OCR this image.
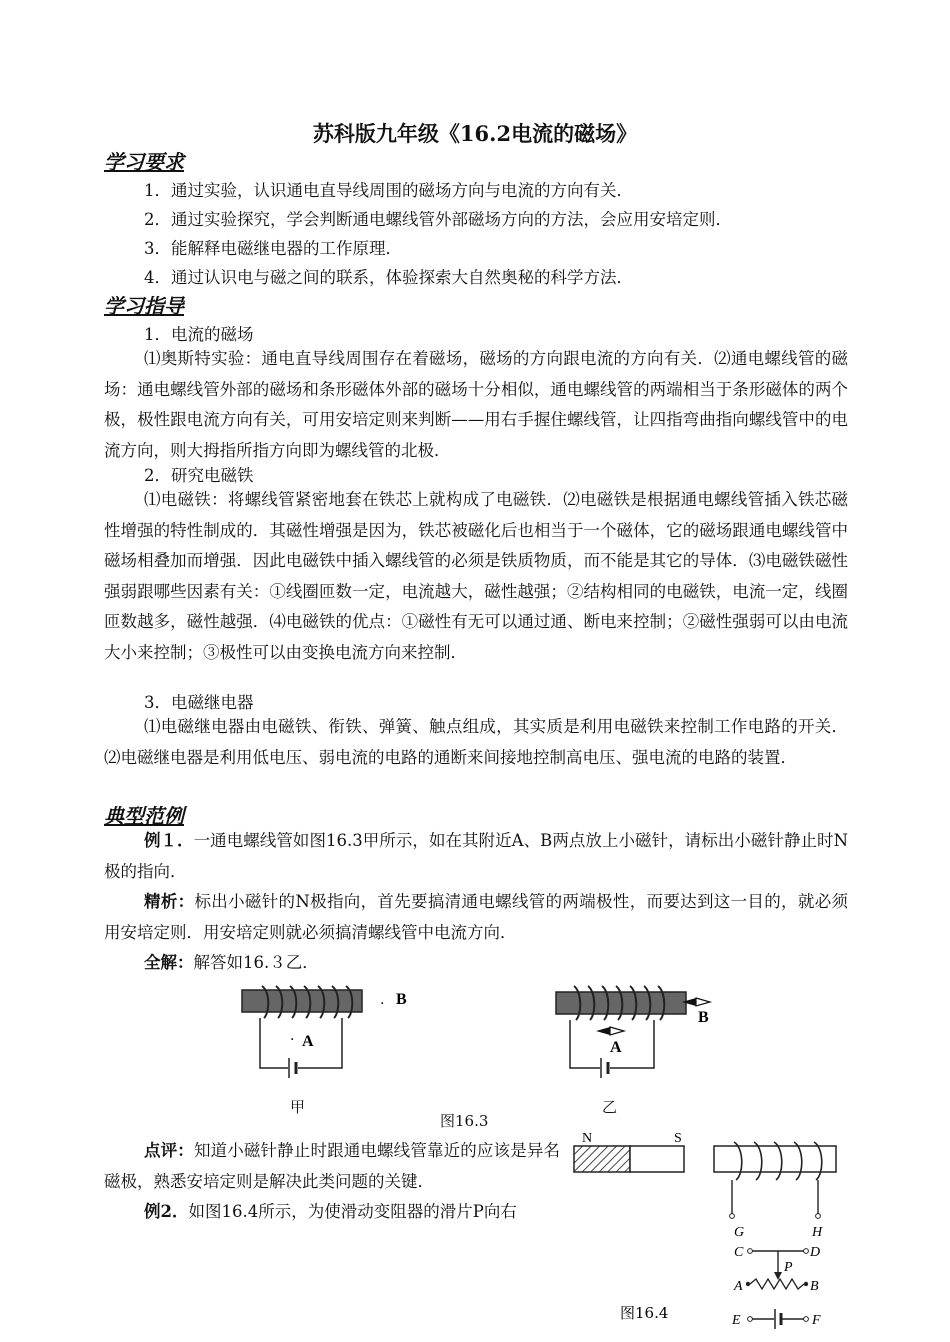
苏科版九年级《16.2电流的磁场》
学习要求
1．通过实验，认识通电直导线周围的磁场方向与电流的方向有关．
2．通过实验探究，学会判断通电螺线管外部磁场方向的方法，会应用安培定则．
3．能解释电磁继电器的工作原理．
4．通过认识电与磁之间的联系，体验探索大自然奥秘的科学方法．
学习指导
1．电流的磁场
⑴奥斯特实验：通电直导线周围存在着磁场，磁场的方向跟电流的方向有关．⑵通电螺线管的磁场：通电螺线管外部的磁场和条形磁体外部的磁场十分相似，通电螺线管的两端相当于条形磁体的两个极，极性跟电流方向有关，可用安培定则来判断——用右手握住螺线管，让四指弯曲指向螺线管中的电流方向，则大拇指所指方向即为螺线管的北极．
2．研究电磁铁
⑴电磁铁：将螺线管紧密地套在铁芯上就构成了电磁铁．⑵电磁铁是根据通电螺线管插入铁芯磁性增强的特性制成的．其磁性增强是因为，铁芯被磁化后也相当于一个磁体，它的磁场跟通电螺线管中磁场相叠加而增强．因此电磁铁中插入螺线管的必须是铁质物质，而不能是其它的导体．⑶电磁铁磁性强弱跟哪些因素有关：①线圈匝数一定，电流越大，磁性越强；②结构相同的电磁铁，电流一定，线圈匝数越多，磁性越强．⑷电磁铁的优点：①磁性有无可以通过通、断电来控制；②磁性强弱可以由电流大小来控制；③极性可以由变换电流方向来控制．
3．电磁继电器
⑴电磁继电器由电磁铁、衔铁、弹簧、触点组成，其实质是利用电磁铁来控制工作电路的开关．⑵电磁继电器是利用低电压、弱电流的电路的通断来间接地控制高电压、强电流的电路的装置．
典型范例
例１．一通电螺线管如图16.3甲所示，如在其附近A、B两点放上小磁针，请标出小磁针静止时N极的指向．
精析：标出小磁针的N极指向，首先要搞清通电螺线管的两端极性，而要达到这一目的，就必须用安培定则．用安培定则就必须搞清螺线管中电流方向．
全解：解答如16.３乙．
· A
· B
甲
图16.3
A
B
乙
点评：知道小磁针静止时跟通电螺线管靠近的应该是异名磁极，熟悉安培定则是解决此类问题的关键．
例2．如图16.4所示，为使滑动变阻器的滑片P向右
N	S
G	H
C	D
P
A	B
E	F
图16.4
